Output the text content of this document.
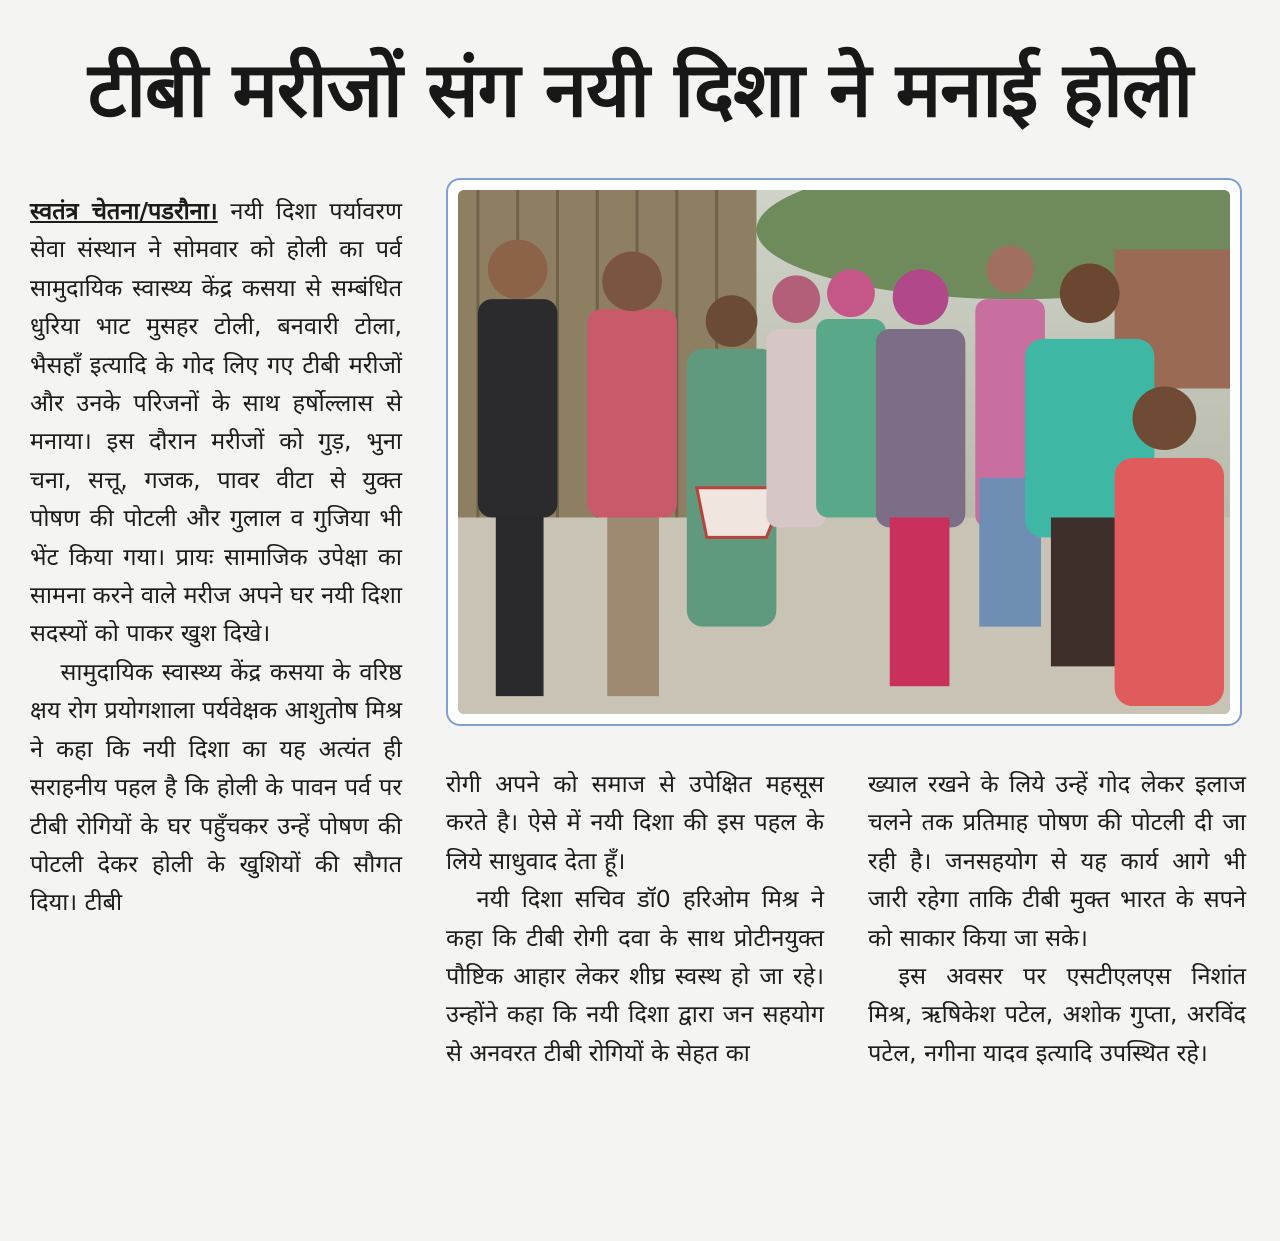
टीबी मरीजों संग नयी दिशा ने मनाई होली

स्वतंत्र चेतना/पडरौना। नयी दिशा पर्यावरण सेवा संस्थान ने सोमवार को होली का पर्व सामुदायिक स्वास्थ्य केंद्र कसया से सम्बंधित धुरिया भाट मुसहर टोली, बनवारी टोला, भैसहाँ इत्यादि के गोद लिए गए टीबी मरीजों और उनके परिजनों के साथ हर्षोल्लास से मनाया। इस दौरान मरीजों को गुड़, भुना चना, सत्तू, गजक, पावर वीटा से युक्त पोषण की पोटली और गुलाल व गुजिया भी भेंट किया गया। प्रायः सामाजिक उपेक्षा का सामना करने वाले मरीज अपने घर नयी दिशा सदस्यों को पाकर खुश दिखे।

सामुदायिक स्वास्थ्य केंद्र कसया के वरिष्ठ क्षय रोग प्रयोगशाला पर्यवेक्षक आशुतोष मिश्र ने कहा कि नयी दिशा का यह अत्यंत ही सराहनीय पहल है कि होली के पावन पर्व पर टीबी रोगियों के घर पहुँचकर उन्हें पोषण की पोटली देकर होली के खुशियों की सौगत दिया। टीबी

रोगी अपने को समाज से उपेक्षित महसूस करते है। ऐसे में नयी दिशा की इस पहल के लिये साधुवाद देता हूँ।

नयी दिशा सचिव डॉ0 हरिओम मिश्र ने कहा कि टीबी रोगी दवा के साथ प्रोटीनयुक्त पौष्टिक आहार लेकर शीघ्र स्वस्थ हो जा रहे। उन्होंने कहा कि नयी दिशा द्वारा जन सहयोग से अनवरत टीबी रोगियों के सेहत का

ख्याल रखने के लिये उन्हें गोद लेकर इलाज चलने तक प्रतिमाह पोषण की पोटली दी जा रही है। जनसहयोग से यह कार्य आगे भी जारी रहेगा ताकि टीबी मुक्त भारत के सपने को साकार किया जा सके।

इस अवसर पर एसटीएलएस निशांत मिश्र, ऋषिकेश पटेल, अशोक गुप्ता, अरविंद पटेल, नगीना यादव इत्यादि उपस्थित रहे।
